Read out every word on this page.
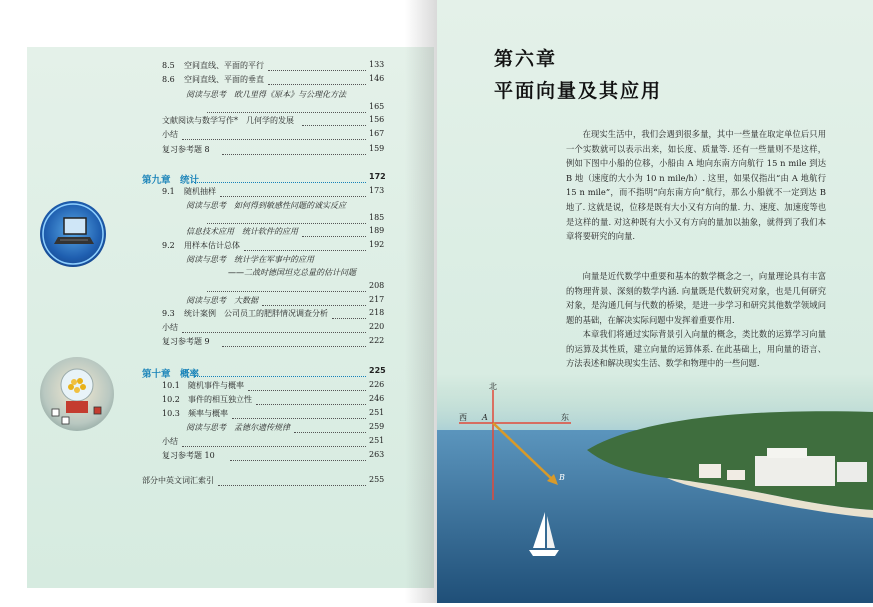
8.5 空间直线、平面的平行	133
8.6 空间直线、平面的垂直	146
阅读与思考　欧几里得《原本》与公理化方法
165
文献阅读与数学写作*　几何学的发展	156
小结	167
复习参考题 8	159
第九章　统计	172
9.1 随机抽样	173
阅读与思考　如何得到敏感性问题的诚实反应
185
信息技术应用　统计软件的应用	189
9.2 用样本估计总体	192
阅读与思考　统计学在军事中的应用
——二战时德国坦克总量的估计问题
208
阅读与思考　大数据	217
9.3 统计案例　公司员工的肥胖情况调查分析	218
小结	220
复习参考题 9	222
第十章　概率	225
10.1 随机事件与概率	226
10.2 事件的相互独立性	246
10.3 频率与概率	251
阅读与思考　孟德尔遗传规律	259
小结	251
复习参考题 10	263
部分中英文词汇索引	255
第六章
平面向量及其应用
在现实生活中，我们会遇到很多量，其中一些量在取定单位后只用一个实数就可以表示出来，如长度、质量等. 还有一些量则不是这样，例如下图中小船的位移，小船由 A 地向东南方向航行 15 n mile 到达 B 地（速度的大小为 10 n mile/h）. 这里，如果仅指出“由 A 地航行 15 n mile”，而不指明“向东南方向”航行，那么小船就不一定到达 B 地了. 这就是说，位移是既有大小又有方向的量. 力、速度、加速度等也是这样的量. 对这种既有大小又有方向的量加以抽象，就得到了我们本章将要研究的向量.
向量是近代数学中重要和基本的数学概念之一，向量理论具有丰富的物理背景、深刻的数学内涵. 向量既是代数研究对象，也是几何研究对象，是沟通几何与代数的桥梁，是进一步学习和研究其他数学领域问题的基础，在解决实际问题中发挥着重要作用.
本章我们将通过实际背景引入向量的概念，类比数的运算学习向量的运算及其性质，建立向量的运算体系. 在此基础上，用向量的语言、方法表述和解决现实生活、数学和物理中的一些问题.
北
西	东
A
B
